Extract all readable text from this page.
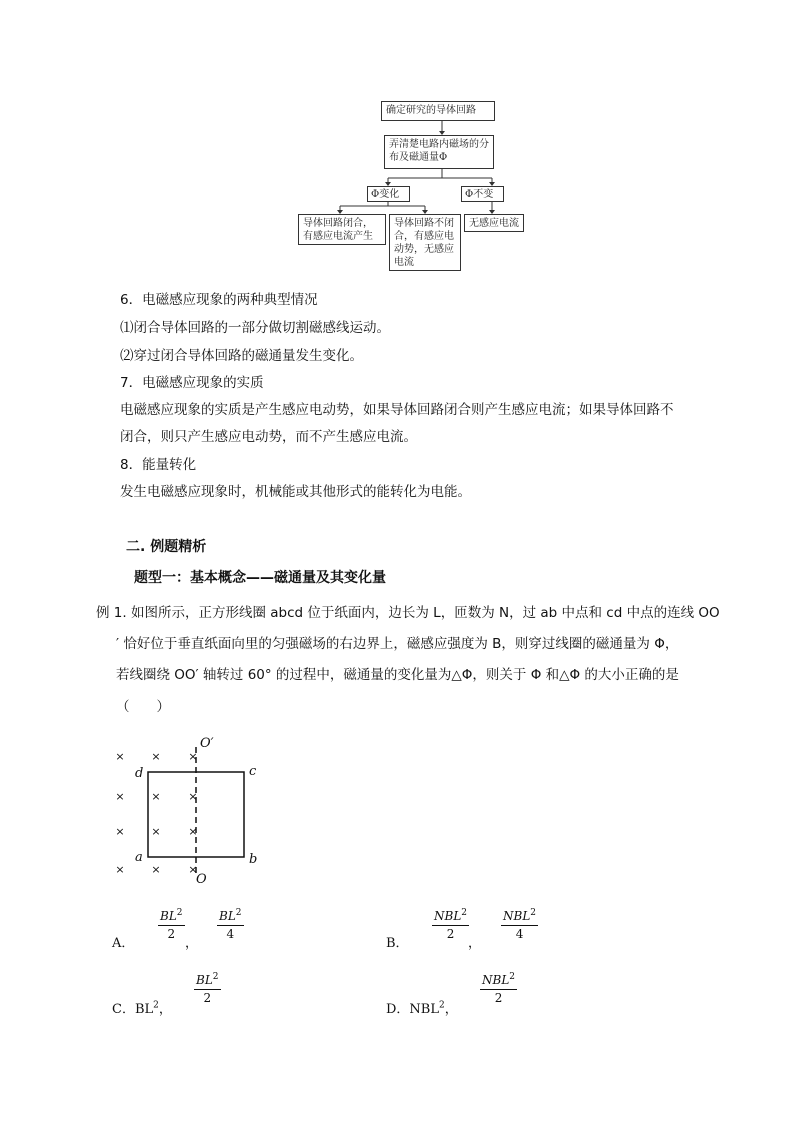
确定研究的导体回路
弄清楚电路内磁场的分布及磁通量Φ
Φ变化	Φ不变
导体回路闭合，有感应电流产生
导体回路不闭合，有感应电动势，无感应电流
无感应电流
6．电磁感应现象的两种典型情况
⑴闭合导体回路的一部分做切割磁感线运动。
⑵穿过闭合导体回路的磁通量发生变化。
7．电磁感应现象的实质
电磁感应现象的实质是产生感应电动势，如果导体回路闭合则产生感应电流；如果导体回路不
闭合，则只产生感应电动势，而不产生感应电流。
8．能量转化
发生电磁感应现象时，机械能或其他形式的能转化为电能。
二. 例题精析
题型一：基本概念——磁通量及其变化量
例 1. 如图所示，正方形线圈 abcd 位于纸面内，边长为 L，匝数为 N，过 ab 中点和 cd 中点的连线 OO
′ 恰好位于垂直纸面向里的匀强磁场的右边界上，磁感应强度为 B，则穿过线圈的磁通量为 Φ，
若线圈绕 OO′ 轴转过 60° 的过程中，磁通量的变化量为△Φ，则关于 Φ 和△Φ 的大小正确的是
（　　）
× ×	×
× ×	×
× ×	×
× ×	×
O′
O
a	b
c
d
A．
$\frac{BL^2}{2}$
，
$\frac{BL^2}{4}$
B．
NBL$^2$
2
，
NBL$^2$
4
C．$BL^2$，
$\frac{BL^2}{2}$
D．NBL$^2$，
NBL$^2$
2
